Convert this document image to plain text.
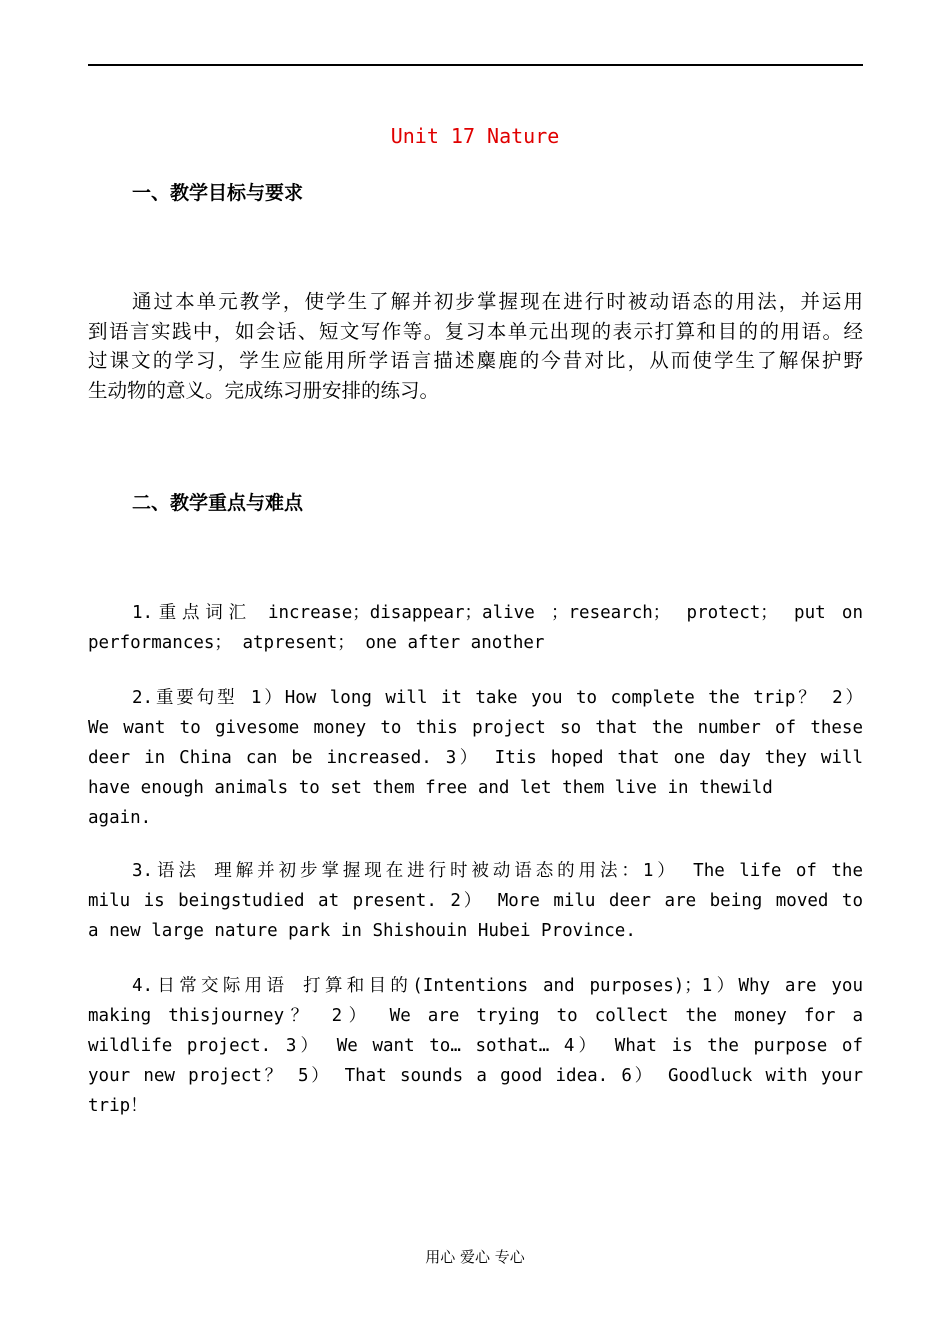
Unit 17 Nature
一、教学目标与要求
通过本单元教学，使学生了解并初步掌握现在进行时被动语态的用法，并运用
到语言实践中，如会话、短文写作等。复习本单元出现的表示打算和目的的用语。经
过课文的学习，学生应能用所学语言描述麋鹿的今昔对比，从而使学生了解保护野
生动物的意义。完成练习册安排的练习。
二、教学重点与难点
1.重点词汇 increase；disappear；alive ；research； protect； put on
performances； atpresent； one after another
2.重要句型 1）How long will it take you to complete the trip？ 2）
We want to givesome money to this project so that the number of these
deer in China can be increased. 3） Itis hoped that one day they will
have enough animals to set them free and let them live in thewild
again.
3.语法 理解并初步掌握现在进行时被动语态的用法：1） The life of the
milu is beingstudied at present. 2） More milu deer are being moved to
a new large nature park in Shishouin Hubei Province.
4.日常交际用语 打算和目的(Intentions and purposes)；1）Why are you
making thisjourney？ 2） We are trying to collect the money for a
wildlife project. 3） We want to… sothat… 4） What is the purpose of
your new project？ 5） That sounds a good idea. 6） Goodluck with your
trip！
用心 爱心 专心
